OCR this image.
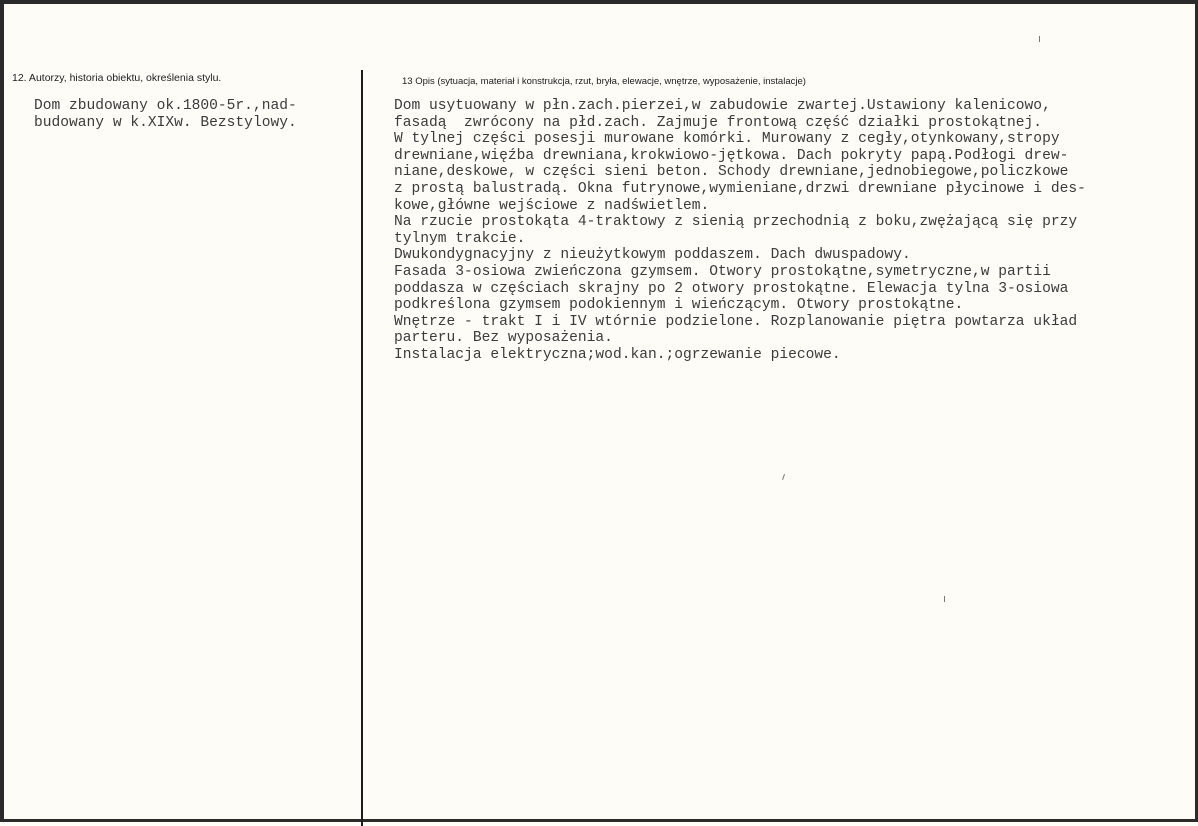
12. Autorzy, historia obiektu, określenia stylu.	13 Opis (sytuacja, materiał i konstrukcja, rzut, bryła, elewacje, wnętrze, wyposażenie, instalacje)
Dom zbudowany ok.1800-5r.,nad-
budowany w k.XIXw. Bezstylowy.
Dom usytuowany w płn.zach.pierzei,w zabudowie zwartej.Ustawiony kalenicowo,
fasadą  zwrócony na płd.zach. Zajmuje frontową część działki prostokątnej.
W tylnej części posesji murowane komórki. Murowany z cegły,otynkowany,stropy
drewniane,więźba drewniana,krokwiowo-jętkowa. Dach pokryty papą.Podłogi drew-
niane,deskowe, w części sieni beton. Schody drewniane,jednobiegowe,policzkowe
z prostą balustradą. Okna futrynowe,wymieniane,drzwi drewniane płycinowe i des-
kowe,główne wejściowe z nadświetlem.
Na rzucie prostokąta 4-traktowy z sienią przechodnią z boku,zwężającą się przy
tylnym trakcie.
Dwukondygnacyjny z nieużytkowym poddaszem. Dach dwuspadowy.
Fasada 3-osiowa zwieńczona gzymsem. Otwory prostokątne,symetryczne,w partii
poddasza w częściach skrajny po 2 otwory prostokątne. Elewacja tylna 3-osiowa
podkreślona gzymsem podokiennym i wieńczącym. Otwory prostokątne.
Wnętrze - trakt I i IV wtórnie podzielone. Rozplanowanie piętra powtarza układ
parteru. Bez wyposażenia.
Instalacja elektryczna;wod.kan.;ogrzewanie piecowe.
